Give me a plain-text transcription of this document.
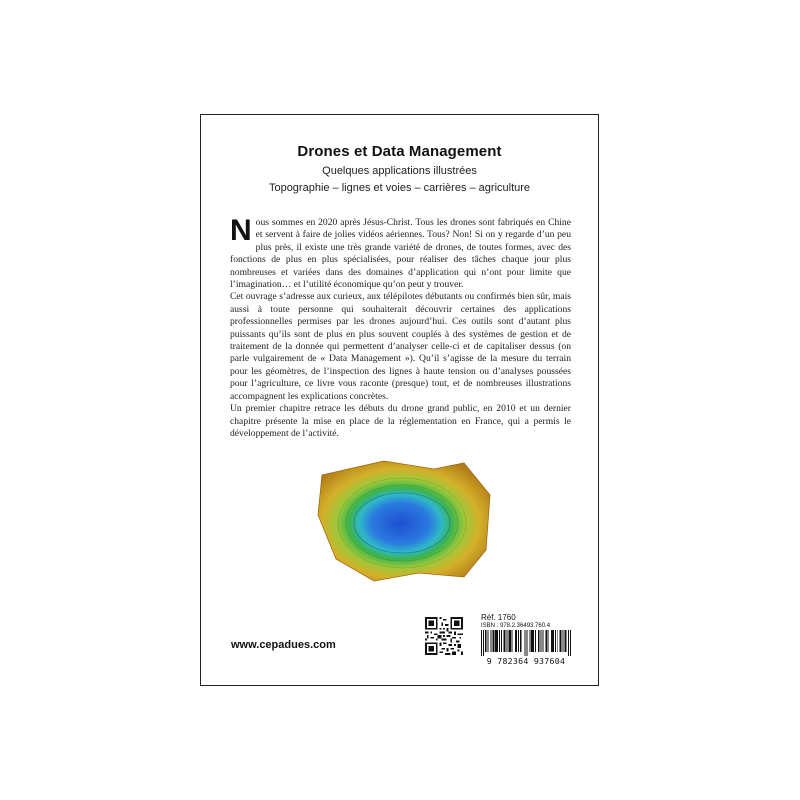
Drones et Data Management
Quelques applications illustrées
Topographie – lignes et voies – carrières – agriculture

Nous sommes en 2020 après Jésus-Christ. Tous les drones sont fabriqués en Chine et servent à faire de jolies vidéos aériennes. Tous? Non! Si on y regarde d’un peu plus près, il existe une très grande variété de drones, de toutes formes, avec des fonctions de plus en plus spécialisées, pour réaliser des tâches chaque jour plus nombreuses et variées dans des domaines d’application qui n’ont pour limite que l’imagination… et l’utilité économique qu’on peut y trouver.

Cet ouvrage s’adresse aux curieux, aux télépilotes débutants ou confirmés bien sûr, mais aussi à toute personne qui souhaiterait découvrir certaines des applications professionnelles permises par les drones aujourd’hui. Ces outils sont d’autant plus puissants qu’ils sont de plus en plus souvent couplés à des systèmes de gestion et de traitement de la donnée qui permettent d’analyser celle-ci et de capitaliser dessus (on parle vulgairement de « Data Management »). Qu’il s’agisse de la mesure du terrain pour les géomètres, de l’inspection des lignes à haute tension ou d’analyses poussées pour l’agriculture, ce livre vous raconte (presque) tout, et de nombreuses illustrations accompagnent les explications concrètes.

Un premier chapitre retrace les débuts du drone grand public, en 2010 et un dernier chapitre présente la mise en place de la réglementation en France, qui a permis le développement de l’activité.

www.cepadues.com
Réf. 1760
ISBN : 978.2.36493.760.4
9 782364 937604
